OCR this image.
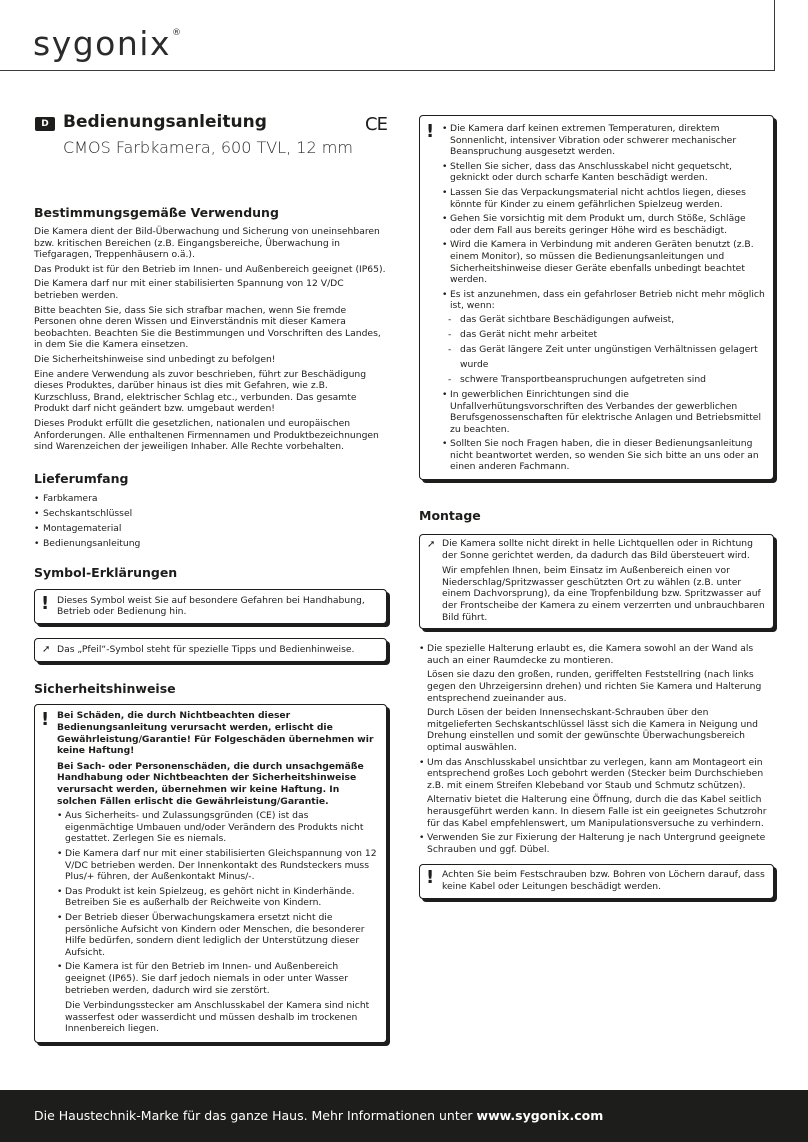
sygonix®
D Bedienungsanleitung	CE
CMOS Farbkamera, 600 TVL, 12 mm
Bestimmungsgemäße Verwendung

Die Kamera dient der Bild-Überwachung und Sicherung von uneinsehbaren bzw. kritischen Bereichen (z.B. Eingangsbereiche, Überwachung in Tiefgaragen, Treppenhäusern o.ä.).

Das Produkt ist für den Betrieb im Innen- und Außenbereich geeignet (IP65).

Die Kamera darf nur mit einer stabilisierten Spannung von 12 V/DC betrieben werden.

Bitte beachten Sie, dass Sie sich strafbar machen, wenn Sie fremde Personen ohne deren Wissen und Einverständnis mit dieser Kamera beobachten. Beachten Sie die Bestimmungen und Vorschriften des Landes, in dem Sie die Kamera einsetzen.

Die Sicherheitshinweise sind unbedingt zu befolgen!

Eine andere Verwendung als zuvor beschrieben, führt zur Beschädigung dieses Produktes, darüber hinaus ist dies mit Gefahren, wie z.B. Kurzschluss, Brand, elektrischer Schlag etc., verbunden. Das gesamte Produkt darf nicht geändert bzw. umgebaut werden!

Dieses Produkt erfüllt die gesetzlichen, nationalen und europäischen Anforderungen. Alle enthaltenen Firmennamen und Produktbezeichnungen sind Warenzeichen der jeweiligen Inhaber. Alle Rechte vorbehalten.

Lieferumfang
• Farbkamera
• Sechskantschlüssel
• Montagematerial
• Bedienungsanleitung
Symbol-Erklärungen
! Dieses Symbol weist Sie auf besondere Gefahren bei Handhabung, Betrieb oder Bedienung hin.

➚ Das „Pfeil“-Symbol steht für spezielle Tipps und Bedienhinweise.

Sicherheitshinweise
! Bei Schäden, die durch Nichtbeachten dieser Bedienungsanleitung verursacht werden, erlischt die Gewährleistung/Garantie! Für Folgeschäden übernehmen wir keine Haftung!

Bei Sach- oder Personenschäden, die durch unsachgemäße Handhabung oder Nichtbeachten der Sicherheitshinweise verursacht werden, übernehmen wir keine Haftung. In solchen Fällen erlischt die Gewährleistung/Garantie.

• Aus Sicherheits- und Zulassungsgründen (CE) ist das eigenmächtige Umbauen und/oder Verändern des Produkts nicht gestattet. Zerlegen Sie es niemals.
• Die Kamera darf nur mit einer stabilisierten Gleichspannung von 12 V/DC betrieben werden. Der Innenkontakt des Rundsteckers muss Plus/+ führen, der Außenkontakt Minus/-.
• Das Produkt ist kein Spielzeug, es gehört nicht in Kinderhände. Betreiben Sie es außerhalb der Reichweite von Kindern.
• Der Betrieb dieser Überwachungskamera ersetzt nicht die persönliche Aufsicht von Kindern oder Menschen, die besonderer Hilfe bedürfen, sondern dient lediglich der Unterstützung dieser Aufsicht.
• Die Kamera ist für den Betrieb im Innen- und Außenbereich geeignet (IP65). Sie darf jedoch niemals in oder unter Wasser betrieben werden, dadurch wird sie zerstört.

Die Verbindungsstecker am Anschlusskabel der Kamera sind nicht wasserfest oder wasserdicht und müssen deshalb im trockenen Innenbereich liegen.

!
•	Die Kamera darf keinen extremen Temperaturen, direktem Sonnenlicht, intensiver Vibration oder schwerer mechanischer Beanspruchung ausgesetzt werden.
• Stellen Sie sicher, dass das Anschlusskabel nicht gequetscht, geknickt oder durch scharfe Kanten beschädigt werden.
• Lassen Sie das Verpackungsmaterial nicht achtlos liegen, dieses könnte für Kinder zu einem gefährlichen Spielzeug werden.
• Gehen Sie vorsichtig mit dem Produkt um, durch Stöße, Schläge oder dem Fall aus bereits geringer Höhe wird es beschädigt.
• Wird die Kamera in Verbindung mit anderen Geräten benutzt (z.B. einem Monitor), so müssen die Bedienungsanleitungen und Sicherheitshinweise dieser Geräte ebenfalls unbedingt beachtet werden.
• Es ist anzunehmen, dass ein gefahrloser Betrieb nicht mehr möglich ist, wenn:
- das Gerät sichtbare Beschädigungen aufweist,
- das Gerät nicht mehr arbeitet
- das Gerät längere Zeit unter ungünstigen Verhältnissen gelagert wurde
- schwere Transportbeanspruchungen aufgetreten sind
• In gewerblichen Einrichtungen sind die Unfallverhütungsvorschriften des Verbandes der gewerblichen Berufsgenossenschaften für elektrische Anlagen und Betriebsmittel zu beachten.
• Sollten Sie noch Fragen haben, die in dieser Bedienungsanleitung nicht beantwortet werden, so wenden Sie sich bitte an uns oder an einen anderen Fachmann.
Montage
➚ Die Kamera sollte nicht direkt in helle Lichtquellen oder in Richtung der Sonne gerichtet werden, da dadurch das Bild übersteuert wird.

Wir empfehlen Ihnen, beim Einsatz im Außenbereich einen vor Niederschlag/Spritzwasser geschützten Ort zu wählen (z.B. unter einem Dachvorsprung), da eine Tropfenbildung bzw. Spritzwasser auf der Frontscheibe der Kamera zu einem verzerrten und unbrauchbaren Bild führt.

• Die spezielle Halterung erlaubt es, die Kamera sowohl an der Wand als auch an einer Raumdecke zu montieren.

Lösen sie dazu den großen, runden, geriffelten Feststellring (nach links gegen den Uhrzeigersinn drehen) und richten Sie Kamera und Halterung entsprechend zueinander aus.

Durch Lösen der beiden Innensechskant-Schrauben über den mitgelieferten Sechskantschlüssel lässt sich die Kamera in Neigung und Drehung einstellen und somit der gewünschte Überwachungsbereich optimal auswählen.

• Um das Anschlusskabel unsichtbar zu verlegen, kann am Montageort ein entsprechend großes Loch gebohrt werden (Stecker beim Durchschieben z.B. mit einem Streifen Klebeband vor Staub und Schmutz schützen).

Alternativ bietet die Halterung eine Öffnung, durch die das Kabel seitlich herausgeführt werden kann. In diesem Falle ist ein geeignetes Schutzrohr für das Kabel empfehlenswert, um Manipulationsversuche zu verhindern.

• Verwenden Sie zur Fixierung der Halterung je nach Untergrund geeignete Schrauben und ggf. Dübel.
! Achten Sie beim Festschrauben bzw. Bohren von Löchern darauf, dass keine Kabel oder Leitungen beschädigt werden.

Die Haustechnik-Marke für das ganze Haus. Mehr Informationen unter www.sygonix.com
